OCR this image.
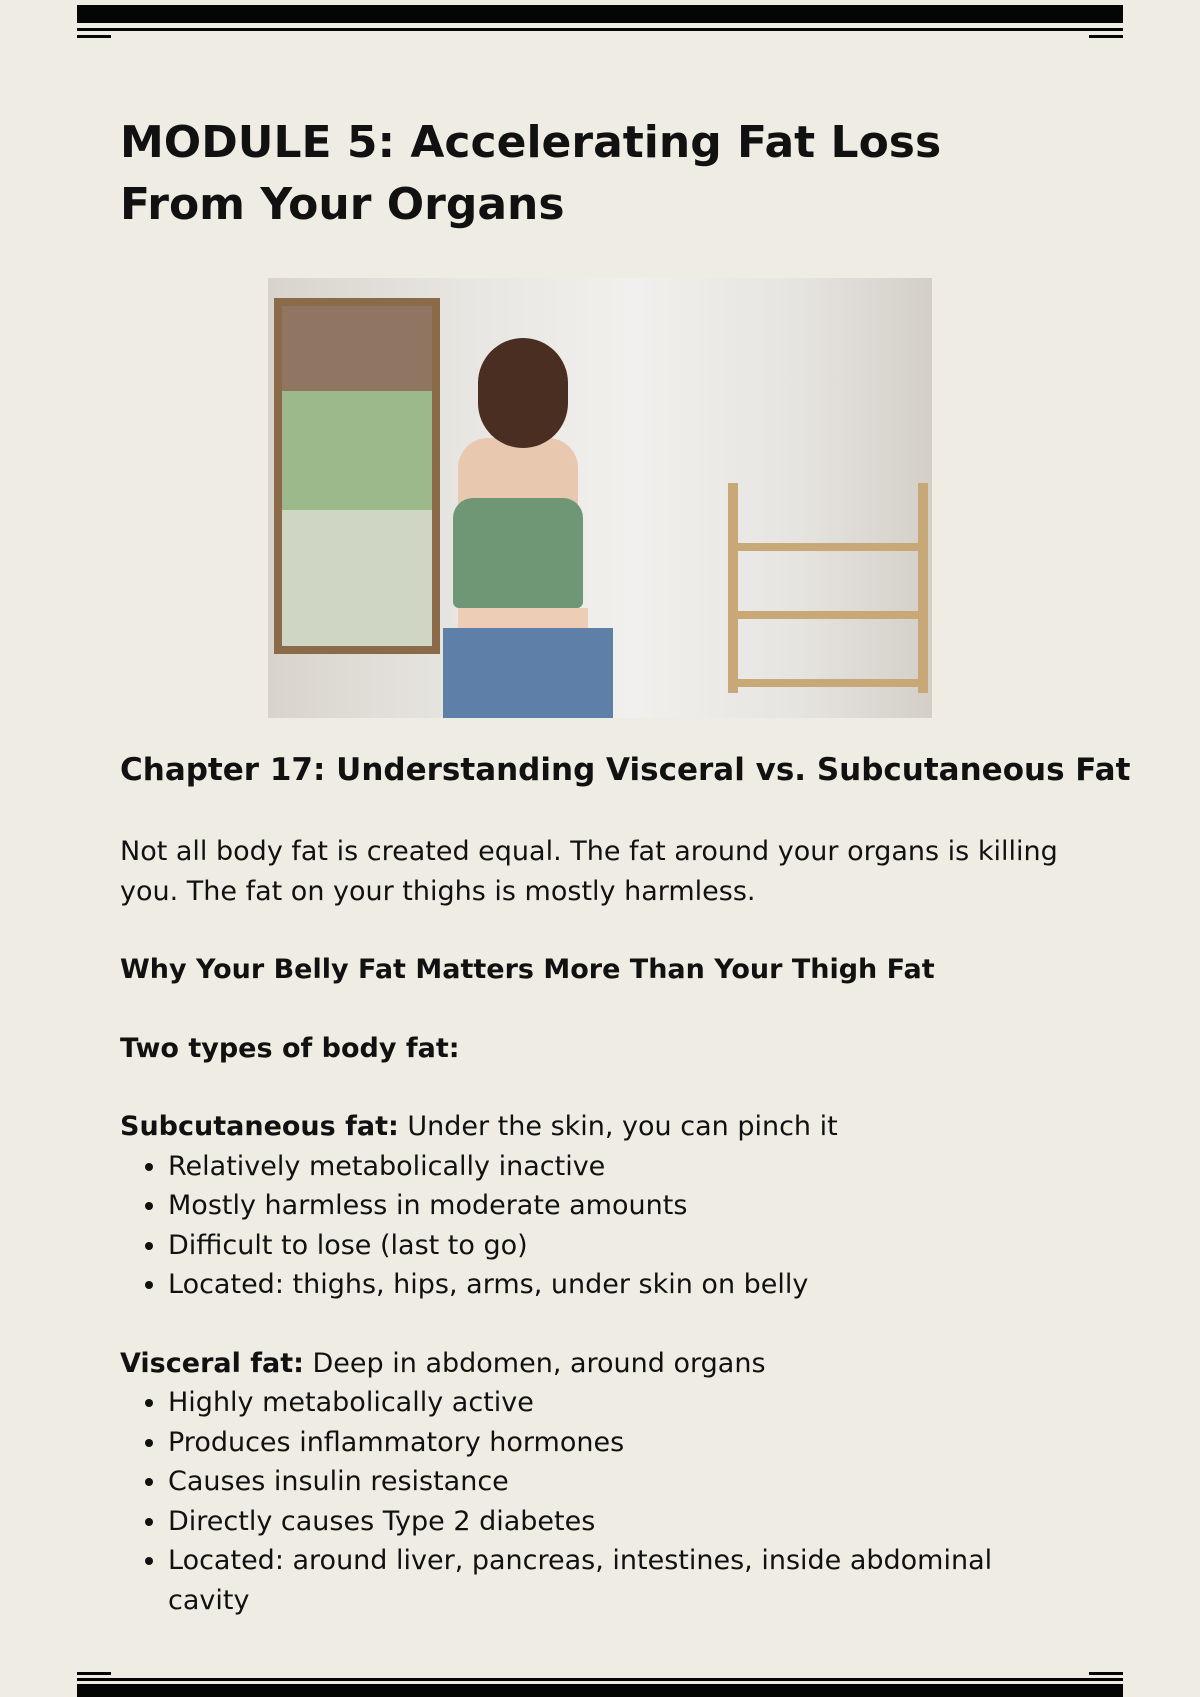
MODULE 5: Accelerating Fat Loss From Your Organs
Chapter 17: Understanding Visceral vs. Subcutaneous Fat

Not all body fat is created equal. The fat around your organs is killing you. The fat on your thighs is mostly harmless.

Why Your Belly Fat Matters More Than Your Thigh Fat

Two types of body fat:

Subcutaneous fat: Under the skin, you can pinch it

• Relatively metabolically inactive
• Mostly harmless in moderate amounts
• Difficult to lose (last to go)
• Located: thighs, hips, arms, under skin on belly

Visceral fat: Deep in abdomen, around organs

• Highly metabolically active
• Produces inflammatory hormones
• Causes insulin resistance
• Directly causes Type 2 diabetes
• Located: around liver, pancreas, intestines, inside abdominal cavity
